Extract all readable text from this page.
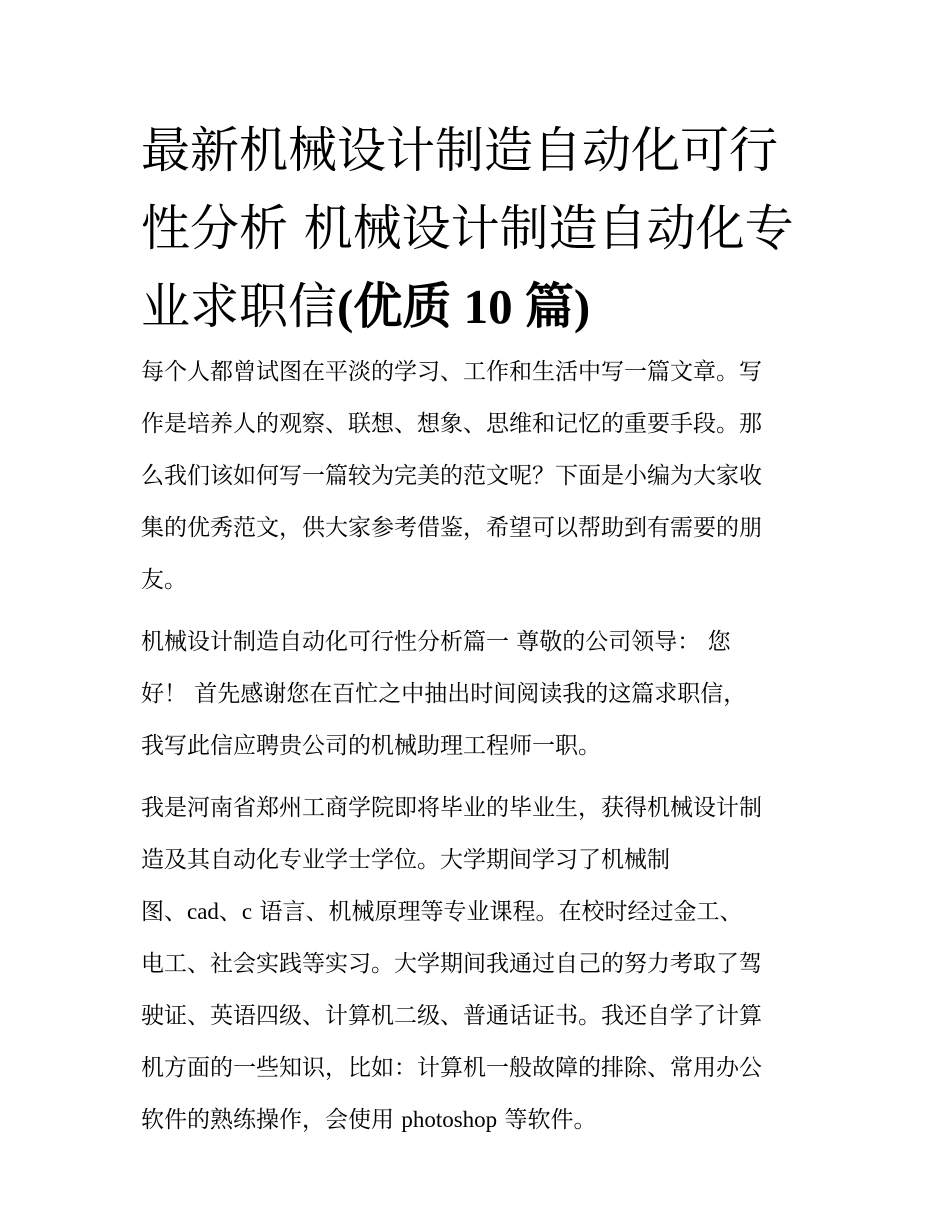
最新机械设计制造自动化可行
性分析 机械设计制造自动化专
业求职信(优质 10 篇)

每个人都曾试图在平淡的学习、工作和生活中写一篇文章。写
作是培养人的观察、联想、想象、思维和记忆的重要手段。那
么我们该如何写一篇较为完美的范文呢？下面是小编为大家收
集的优秀范文，供大家参考借鉴，希望可以帮助到有需要的朋
友。

机械设计制造自动化可行性分析篇一 尊敬的公司领导： 您
好！ 首先感谢您在百忙之中抽出时间阅读我的这篇求职信，
我写此信应聘贵公司的机械助理工程师一职。

我是河南省郑州工商学院即将毕业的毕业生，获得机械设计制
造及其自动化专业学士学位。大学期间学习了机械制
图、cad、c 语言、机械原理等专业课程。在校时经过金工、
电工、社会实践等实习。大学期间我通过自己的努力考取了驾
驶证、英语四级、计算机二级、普通话证书。我还自学了计算
机方面的一些知识，比如：计算机一般故障的排除、常用办公
软件的熟练操作，会使用 photoshop 等软件。
